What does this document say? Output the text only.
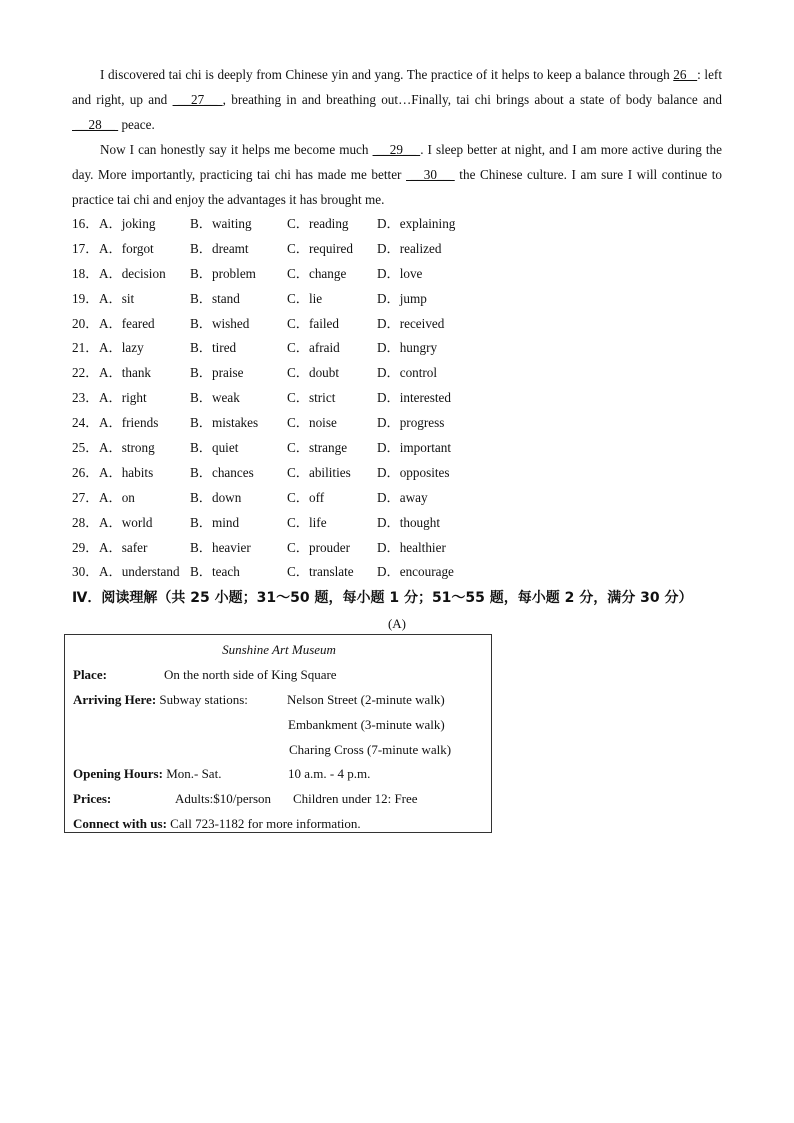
I discovered tai chi is deeply from Chinese yin and yang. The practice of it helps to keep a balance through 26   : left and right, up and  __27__ , breathing in and breathing out…Finally, tai chi brings about a state of body balance and  __28__  peace.

Now I can honestly say it helps me become much  __29__ . I sleep better at night, and I am more active during the day. More importantly, practicing tai chi has made me better  __30__  the Chinese culture. I am sure I will continue to practice tai chi and enjoy the advantages it has brought me.

16．A．joking	B．waiting	C．reading D．explaining
17．A．forgot	B．dreamt	C．required D．realized
18．A．decision B．problem C．change D．love
19．A．sit	B．stand	C．lie	D．jump
20．A．feared	B．wished	C．failed	D．received
21．A．lazy	B．tired	C．afraid	D．hungry
22．A．thank	B．praise	C．doubt	D．control
23．A．right	B．weak	C．strict	D．interested
24．A．friends B．mistakes C．noise	D．progress
25．A．strong	B．quiet	C．strange D．important
26．A．habits	B．chances	C．abilities D．opposites
27．A．on	B．down	C．off	D．away
28．A．world	B．mind	C．life	D．thought
29．A．safer	B．heavier	C．prouder D．healthier
30．A．understand B．teach	C．translate D．encourage
Ⅳ．阅读理解（共 25 小题；31～50 题，每小题 1 分；51～55 题，每小题 2 分，满分 30 分）
(A)
Sunshine Art Museum
Place:	On the north side of King Square
Arriving Here: Subway stations:	Nelson Street (2-minute walk)
Embankment (3-minute walk)
Charing Cross (7-minute walk)
Opening Hours: Mon.- Sat.	10 a.m. - 4 p.m.
Prices:	Adults:$10/person Children under 12: Free
Connect with us: Call 723-1182 for more information.
